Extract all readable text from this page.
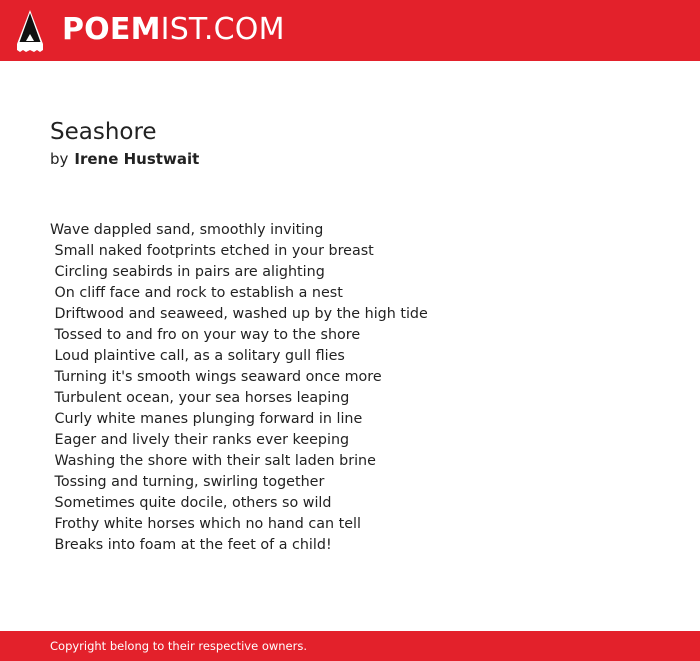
POEMIST.COM
Seashore
by Irene Hustwait
Wave dappled sand, smoothly inviting
Small naked footprints etched in your breast
Circling seabirds in pairs are alighting
On cliff face and rock to establish a nest
Driftwood and seaweed, washed up by the high tide
Tossed to and fro on your way to the shore
Loud plaintive call, as a solitary gull flies
Turning it's smooth wings seaward once more
Turbulent ocean, your sea horses leaping
Curly white manes plunging forward in line
Eager and lively their ranks ever keeping
Washing the shore with their salt laden brine
Tossing and turning, swirling together
Sometimes quite docile, others so wild
Frothy white horses which no hand can tell
Breaks into foam at the feet of a child!
Copyright belong to their respective owners.
